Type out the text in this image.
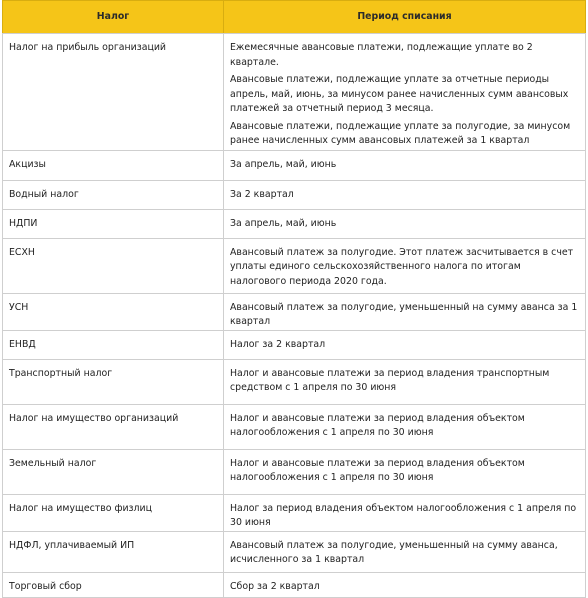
Налог	Период списания
Налог на прибыль организаций	Ежемесячные авансовые платежи, подлежащие уплате во 2 квартале.

Авансовые платежи, подлежащие уплате за отчетные периоды апрель, май, июнь, за минусом ранее начисленных сумм авансовых платежей за отчетный период 3 месяца.

Авансовые платежи, подлежащие уплате за полугодие, за минусом ранее начисленных сумм авансовых платежей за 1 квартал

Акцизы	За апрель, май, июнь

Водный налог	За 2 квартал

НДПИ	За апрель, май, июнь

ЕСХН	Авансовый платеж за полугодие. Этот платеж засчитывается в счет уплаты единого сельскохозяйственного налога по итогам налогового периода 2020 года.

УСН	Авансовый платеж за полугодие, уменьшенный на сумму аванса за 1 квартал

ЕНВД	Налог за 2 квартал

Транспортный налог	Налог и авансовые платежи за период владения транспортным средством с 1 апреля по 30 июня

Налог на имущество организаций	Налог и авансовые платежи за период владения объектом налогообложения с 1 апреля по 30 июня

Земельный налог	Налог и авансовые платежи за период владения объектом налогообложения с 1 апреля по 30 июня

Налог на имущество физлиц	Налог за период владения объектом налогообложения с 1 апреля по 30 июня

НДФЛ, уплачиваемый ИП	Авансовый платеж за полугодие, уменьшенный на сумму аванса, исчисленного за 1 квартал

Торговый сбор	Сбор за 2 квартал
